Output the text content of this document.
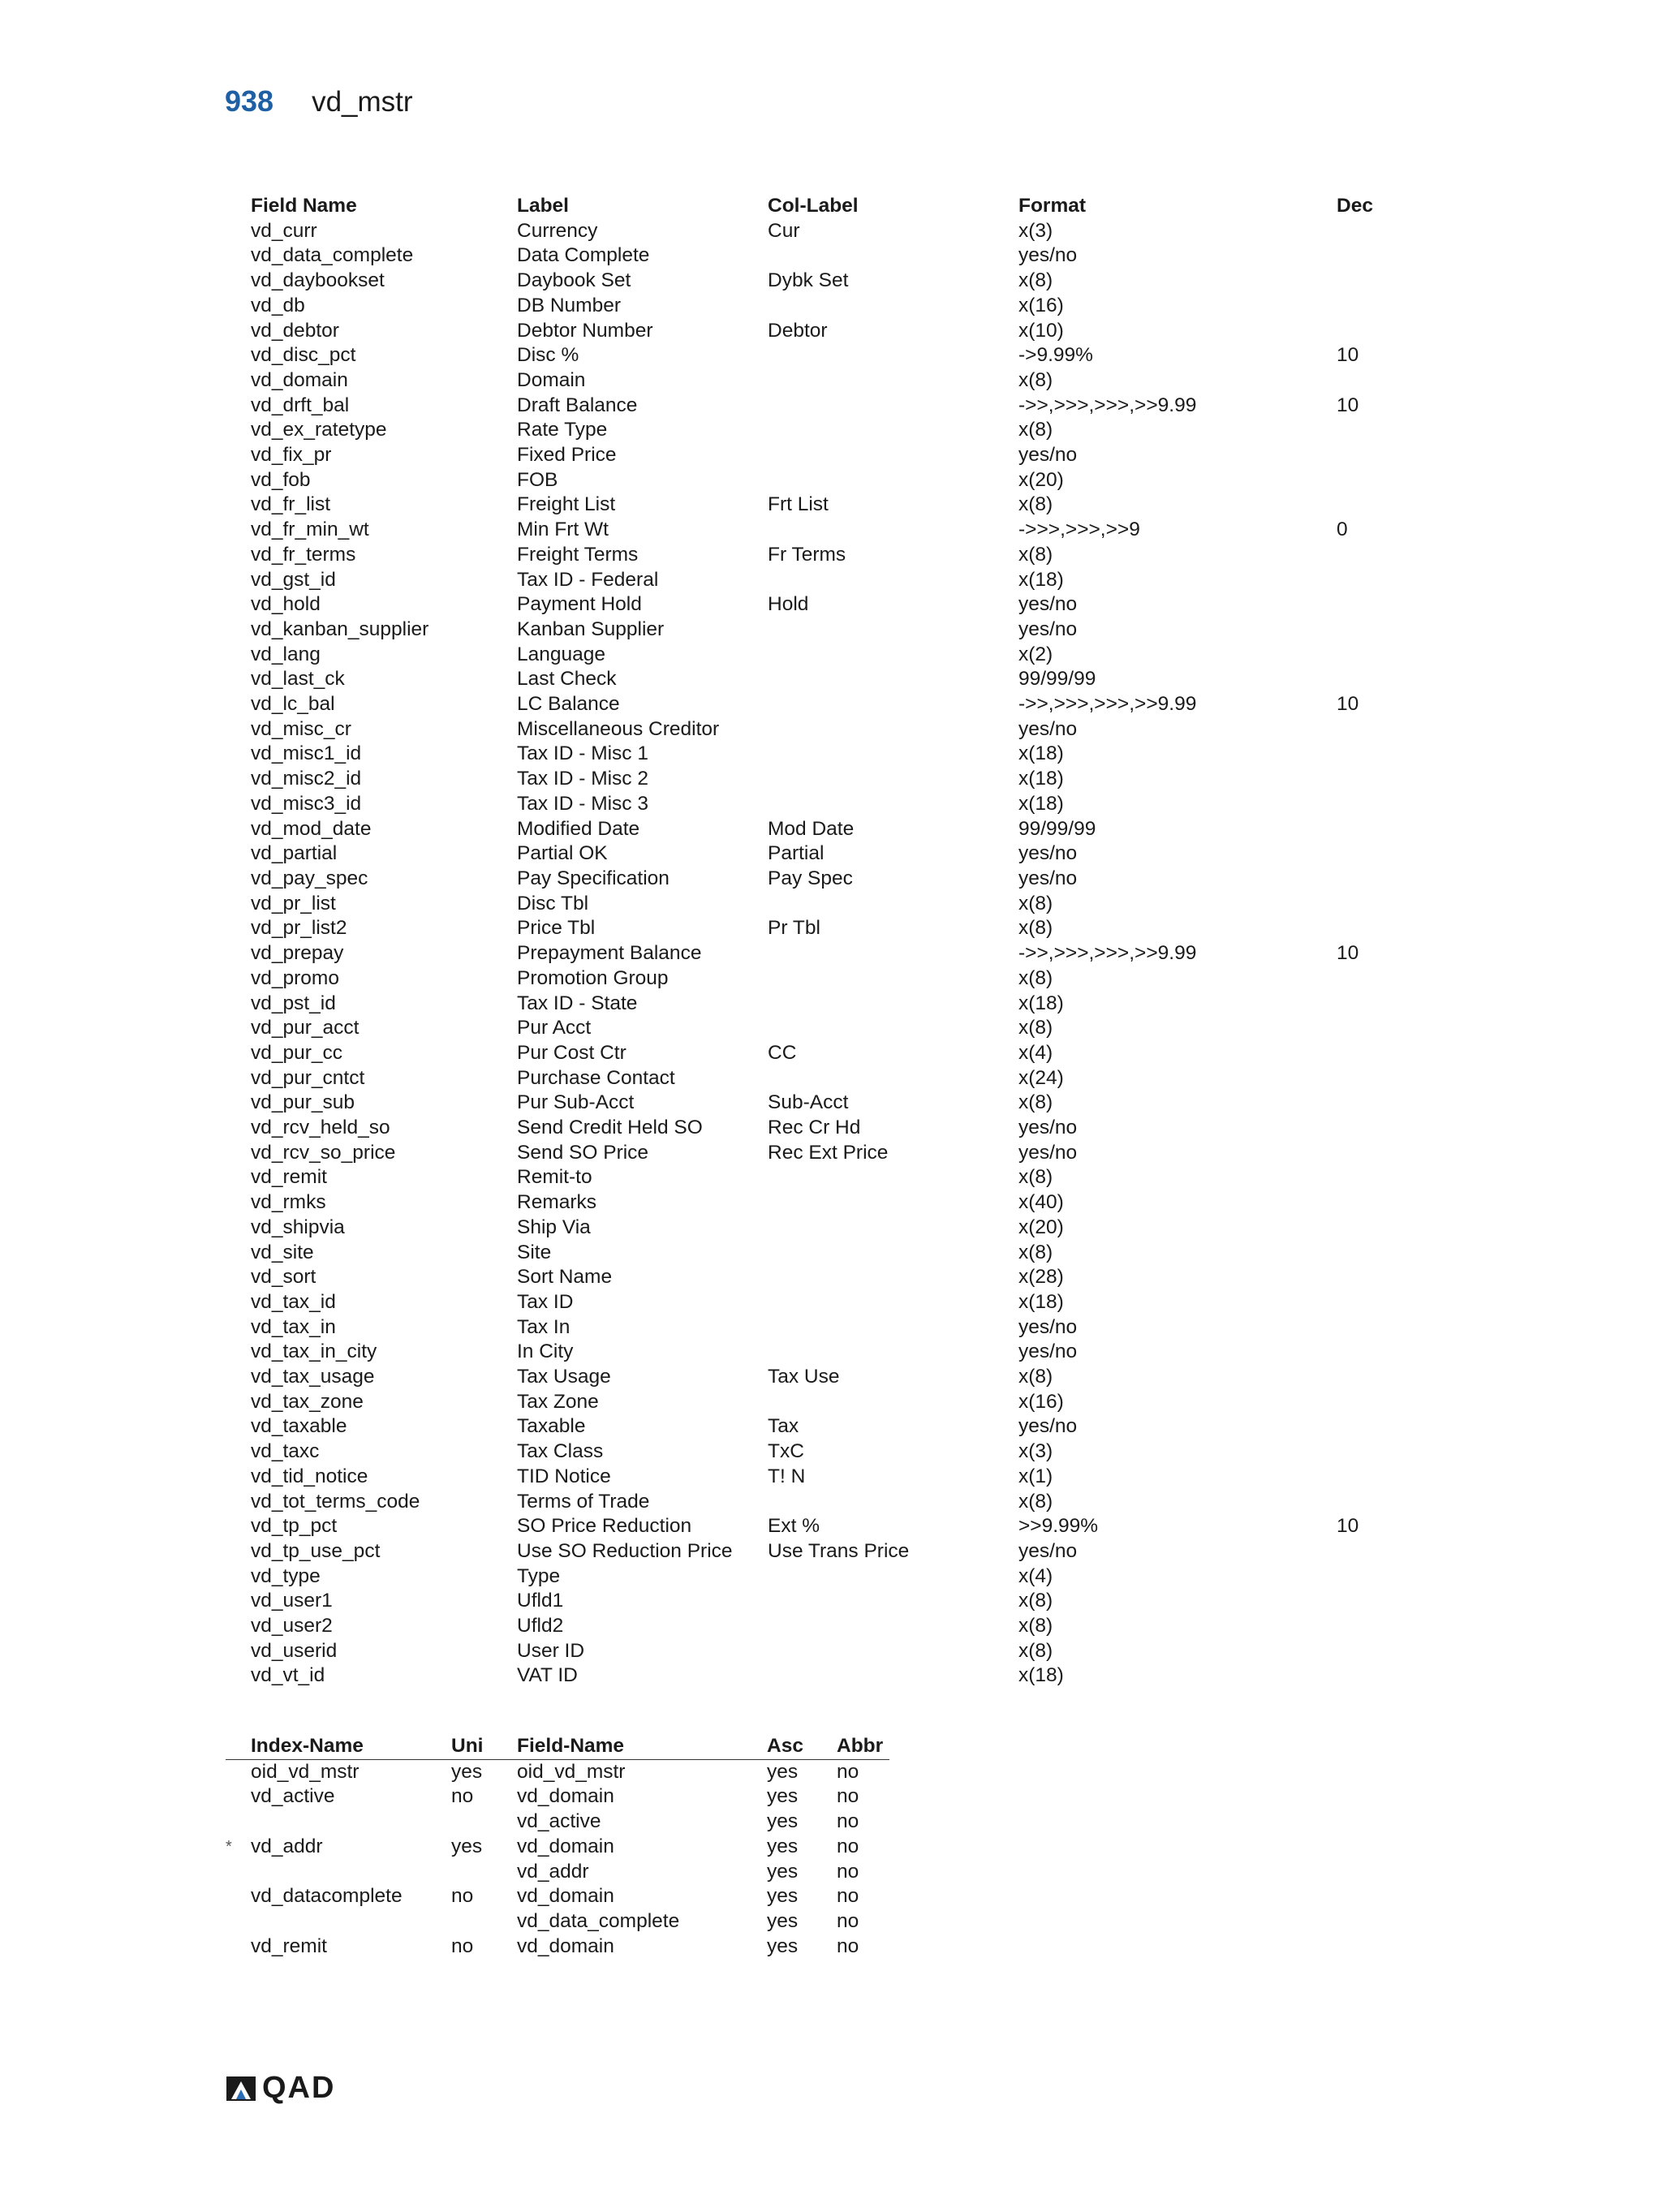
938 vd_mstr
Field Name	Label	Col-Label	Format	Dec
vd_curr	Currency	Cur	x(3)	
vd_data_complete	Data Complete		yes/no	
vd_daybookset	Daybook Set	Dybk Set	x(8)	
vd_db	DB Number		x(16)	
vd_debtor	Debtor Number	Debtor	x(10)	
vd_disc_pct	Disc %		->9.99%	10
vd_domain	Domain		x(8)	
vd_drft_bal	Draft Balance		->>,>>>,>>>,>>9.99	10
vd_ex_ratetype	Rate Type		x(8)	
vd_fix_pr	Fixed Price		yes/no	
vd_fob	FOB		x(20)	
vd_fr_list	Freight List	Frt List	x(8)	
vd_fr_min_wt	Min Frt Wt		->>>,>>>,>>9	0
vd_fr_terms	Freight Terms	Fr Terms	x(8)	
vd_gst_id	Tax ID - Federal		x(18)	
vd_hold	Payment Hold	Hold	yes/no	
vd_kanban_supplier	Kanban Supplier		yes/no	
vd_lang	Language		x(2)	
vd_last_ck	Last Check		99/99/99	
vd_lc_bal	LC Balance		->>,>>>,>>>,>>9.99	10
vd_misc_cr	Miscellaneous Creditor		yes/no	
vd_misc1_id	Tax ID - Misc 1		x(18)	
vd_misc2_id	Tax ID - Misc 2		x(18)	
vd_misc3_id	Tax ID - Misc 3		x(18)	
vd_mod_date	Modified Date	Mod Date	99/99/99	
vd_partial	Partial OK	Partial	yes/no	
vd_pay_spec	Pay Specification	Pay Spec	yes/no	
vd_pr_list	Disc Tbl		x(8)	
vd_pr_list2	Price Tbl	Pr Tbl	x(8)	
vd_prepay	Prepayment Balance		->>,>>>,>>>,>>9.99	10
vd_promo	Promotion Group		x(8)	
vd_pst_id	Tax ID - State		x(18)	
vd_pur_acct	Pur Acct		x(8)	
vd_pur_cc	Pur Cost Ctr	CC	x(4)	
vd_pur_cntct	Purchase Contact		x(24)	
vd_pur_sub	Pur Sub-Acct	Sub-Acct	x(8)	
vd_rcv_held_so	Send Credit Held SO	Rec Cr Hd	yes/no	
vd_rcv_so_price	Send SO Price	Rec Ext Price	yes/no	
vd_remit	Remit-to		x(8)	
vd_rmks	Remarks		x(40)	
vd_shipvia	Ship Via		x(20)	
vd_site	Site		x(8)	
vd_sort	Sort Name		x(28)	
vd_tax_id	Tax ID		x(18)	
vd_tax_in	Tax In		yes/no	
vd_tax_in_city	In City		yes/no	
vd_tax_usage	Tax Usage	Tax Use	x(8)	
vd_tax_zone	Tax Zone		x(16)	
vd_taxable	Taxable	Tax	yes/no	
vd_taxc	Tax Class	TxC	x(3)	
vd_tid_notice	TID Notice	T! N	x(1)	
vd_tot_terms_code	Terms of Trade		x(8)	
vd_tp_pct	SO Price Reduction	Ext %	>>9.99%	10
vd_tp_use_pct	Use SO Reduction Price	Use Trans Price	yes/no	
vd_type	Type		x(4)	
vd_user1	Ufld1		x(8)	
vd_user2	Ufld2		x(8)	
vd_userid	User ID		x(8)	
vd_vt_id	VAT ID		x(18)	
	Index-Name	Uni	Field-Name	Asc	Abbr
	oid_vd_mstr	yes	oid_vd_mstr	yes	no
	vd_active	no	vd_domain	yes	no
			vd_active	yes	no
*	vd_addr	yes	vd_domain	yes	no
			vd_addr	yes	no
	vd_datacomplete	no	vd_domain	yes	no
			vd_data_complete	yes	no
	vd_remit	no	vd_domain	yes	no
QAD
